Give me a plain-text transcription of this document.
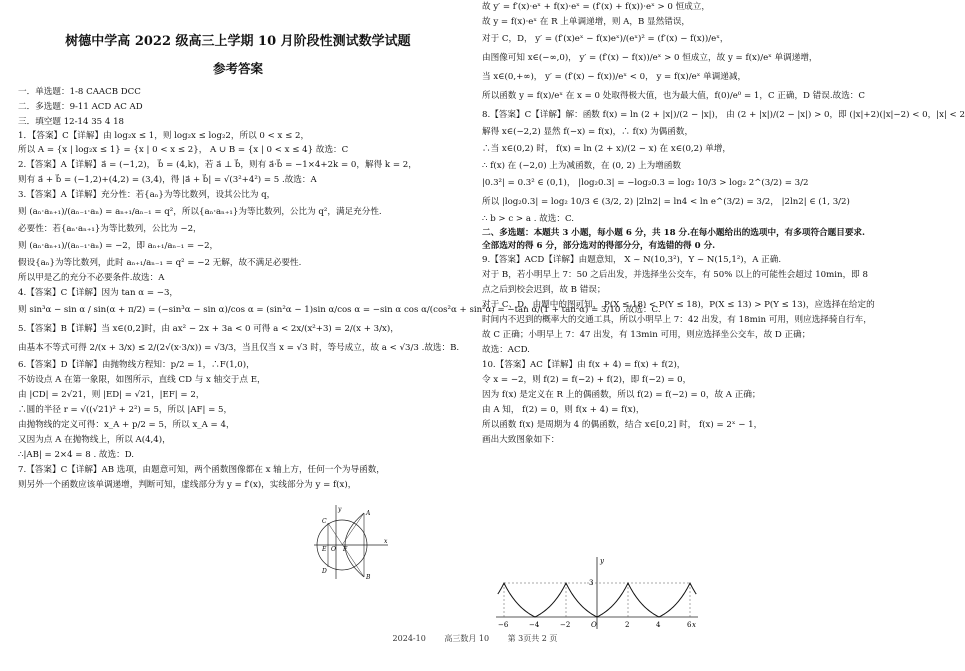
树德中学高 2022 级高三上学期 10 月阶段性测试数学试题
参考答案
一．单选题：1-8 CAACB DCC
二．多选题：9-11 ACD AC AD
三．填空题 12-14 35 4 18
1．【答案】C【详解】由 log₂x ≤ 1，则 log₂x ≤ log₂2，所以 0 < x ≤ 2，
所以 A = {x | log₂x ≤ 1} = {x | 0 < x ≤ 2}， A ∪ B = {x | 0 < x ≤ 4} 故选：C
2.【答案】A【详解】a⃗ = (−1,2)， b⃗ = (4,k)，若 a⃗ ⊥ b⃗，则有 a⃗·b⃗ = −1×4+2k = 0，解得 k = 2，
则有 a⃗ + b⃗ = (−1,2)+(4,2) = (3,4)，得 |a⃗ + b⃗| = √(3²+4²) = 5 .故选：A
3.【答案】A【详解】充分性：若{aₙ}为等比数列，设其公比为 q，
则 (aₙ·aₙ₊₁)/(aₙ₋₁·aₙ) = aₙ₊₁/aₙ₋₁ = q²，所以{aₙ·aₙ₊₁}为等比数列，公比为 q²，满足充分性.
必要性：若{aₙ·aₙ₊₁}为等比数列，公比为 −2，
则 (aₙ·aₙ₊₁)/(aₙ₋₁·aₙ) = −2，即 aₙ₊₁/aₙ₋₁ = −2，
假设{aₙ}为等比数列，此时 aₙ₊₁/aₙ₋₁ = q² = −2 无解，故不满足必要性.
所以甲是乙的充分不必要条件.故选：A
4.【答案】C【详解】因为 tan α = −3，
则 sin³α − sin α / sin(α + π/2) = (−sin³α − sin α)/cos α = (sin²α − 1)sin α/cos α = −sin α cos α/(cos²α + sin²α) = −tan α/(1 + tan²α) = 3/10 .故选：C.
5.【答案】B【详解】当 x∈(0,2]时，由 ax² − 2x + 3a < 0 可得 a < 2x/(x²+3) = 2/(x + 3/x)，
由基本不等式可得 2/(x + 3/x) ≤ 2/(2√(x·3/x)) = √3/3，当且仅当 x = √3 时，等号成立，故 a < √3/3 .故选：B.
6.【答案】D【详解】由抛物线方程知：p/2 = 1，∴F(1,0)，
不妨设点 A 在第一象限，如图所示，直线 CD 与 x 轴交于点 E，
由 |CD| = 2√21，则 |ED| = √21，|EF| = 2，
∴圆的半径 r = √((√21)² + 2²) = 5，所以 |AF| = 5，
由抛物线的定义可得：x_A + p/2 = 5，所以 x_A = 4，
又因为点 A 在抛物线上，所以 A(4,4)，
∴|AB| = 2×4 = 8 . 故选：D.
7.【答案】C【详解】AB 选项，由题意可知，两个函数图像都在 x 轴上方，任何一个为导函数，
则另外一个函数应该单调递增，判断可知，虚线部分为 y = f′(x)，实线部分为 y = f(x)，
故 y′ = f′(x)·eˣ + f(x)·eˣ = (f′(x) + f(x))·eˣ > 0 恒成立，
故 y = f(x)·eˣ 在 R 上单调递增，则 A，B 显然错误，
对于 C，D， y′ = (f′(x)eˣ − f(x)eˣ)/(eˣ)² = (f′(x) − f(x))/eˣ，
由图像可知 x∈(−∞,0)， y′ = (f′(x) − f(x))/eˣ > 0 恒成立，故 y = f(x)/eˣ 单调递增，
当 x∈(0,+∞)， y′ = (f′(x) − f(x))/eˣ < 0， y = f(x)/eˣ 单调递减，
所以函数 y = f(x)/eˣ 在 x = 0 处取得极大值，也为最大值，f(0)/e⁰ = 1，C 正确，D 错误.故选：C
8.【答案】C【详解】解：函数 f(x) = ln (2 + |x|)/(2 − |x|)， 由 (2 + |x|)/(2 − |x|) > 0，即 (|x|+2)(|x|−2) < 0，|x| < 2
解得 x∈(−2,2) 显然 f(−x) = f(x)，∴ f(x) 为偶函数，
∴当 x∈(0,2) 时， f(x) = ln (2 + x)/(2 − x) 在 x∈(0,2) 单增，
∴ f(x) 在 (−2,0) 上为减函数，在 (0, 2) 上为增函数
|0.3²| = 0.3² ∈ (0,1)， |log₂0.3| = −log₂0.3 = log₂ 10/3 > log₂ 2^(3/2) = 3/2
所以 |log₂0.3| = log₂ 10/3 ∈ (3/2, 2) |2ln2| = ln4 < ln e^(3/2) = 3/2， |2ln2| ∈ (1, 3/2)
∴ b > c > a . 故选：C.
二、多选题：本题共 3 小题，每小题 6 分，共 18 分.在每小题给出的选项中，有多项符合题目要求.
全部选对的得 6 分，部分选对的得部分分，有选错的得 0 分.
9.【答案】ACD【详解】由题意知， X ~ N(10,3²)，Y ~ N(15,1²)，A 正确.
对于 B，若小明早上 7：50 之后出发，并选择坐公交车，有 50% 以上的可能性会超过 10min，即 8
点之后到校会迟到，故 B 错误；
对于 C、D，由题中的图可知， P(X ≤ 18) < P(Y ≤ 18)，P(X ≤ 13) > P(Y ≤ 13)，应选择在给定的
时间内不迟到的概率大的交通工具，所以小明早上 7：42 出发，有 18min 可用，则应选择骑自行车，
故 C 正确；小明早上 7：47 出发，有 13min 可用，则应选择坐公交车，故 D 正确；
故选：ACD.
10.【答案】AC【详解】由 f(x + 4) = f(x) + f(2)，
令 x = −2，则 f(2) = f(−2) + f(2)，即 f(−2) = 0，
因为 f(x) 是定义在 R 上的偶函数，所以 f(2) = f(−2) = 0，故 A 正确；
由 A 知， f(2) = 0，则 f(x + 4) = f(x)，
所以函数 f(x) 是周期为 4 的偶函数，结合 x∈[0,2] 时， f(x) = 2ˣ − 1，
画出大致图象如下：
y
A
C
F
E O
D
B
x
y
x
3
O
−6	−4	−2	2	4	6
2024-10 高三数月 10 第 3页共 2 页
